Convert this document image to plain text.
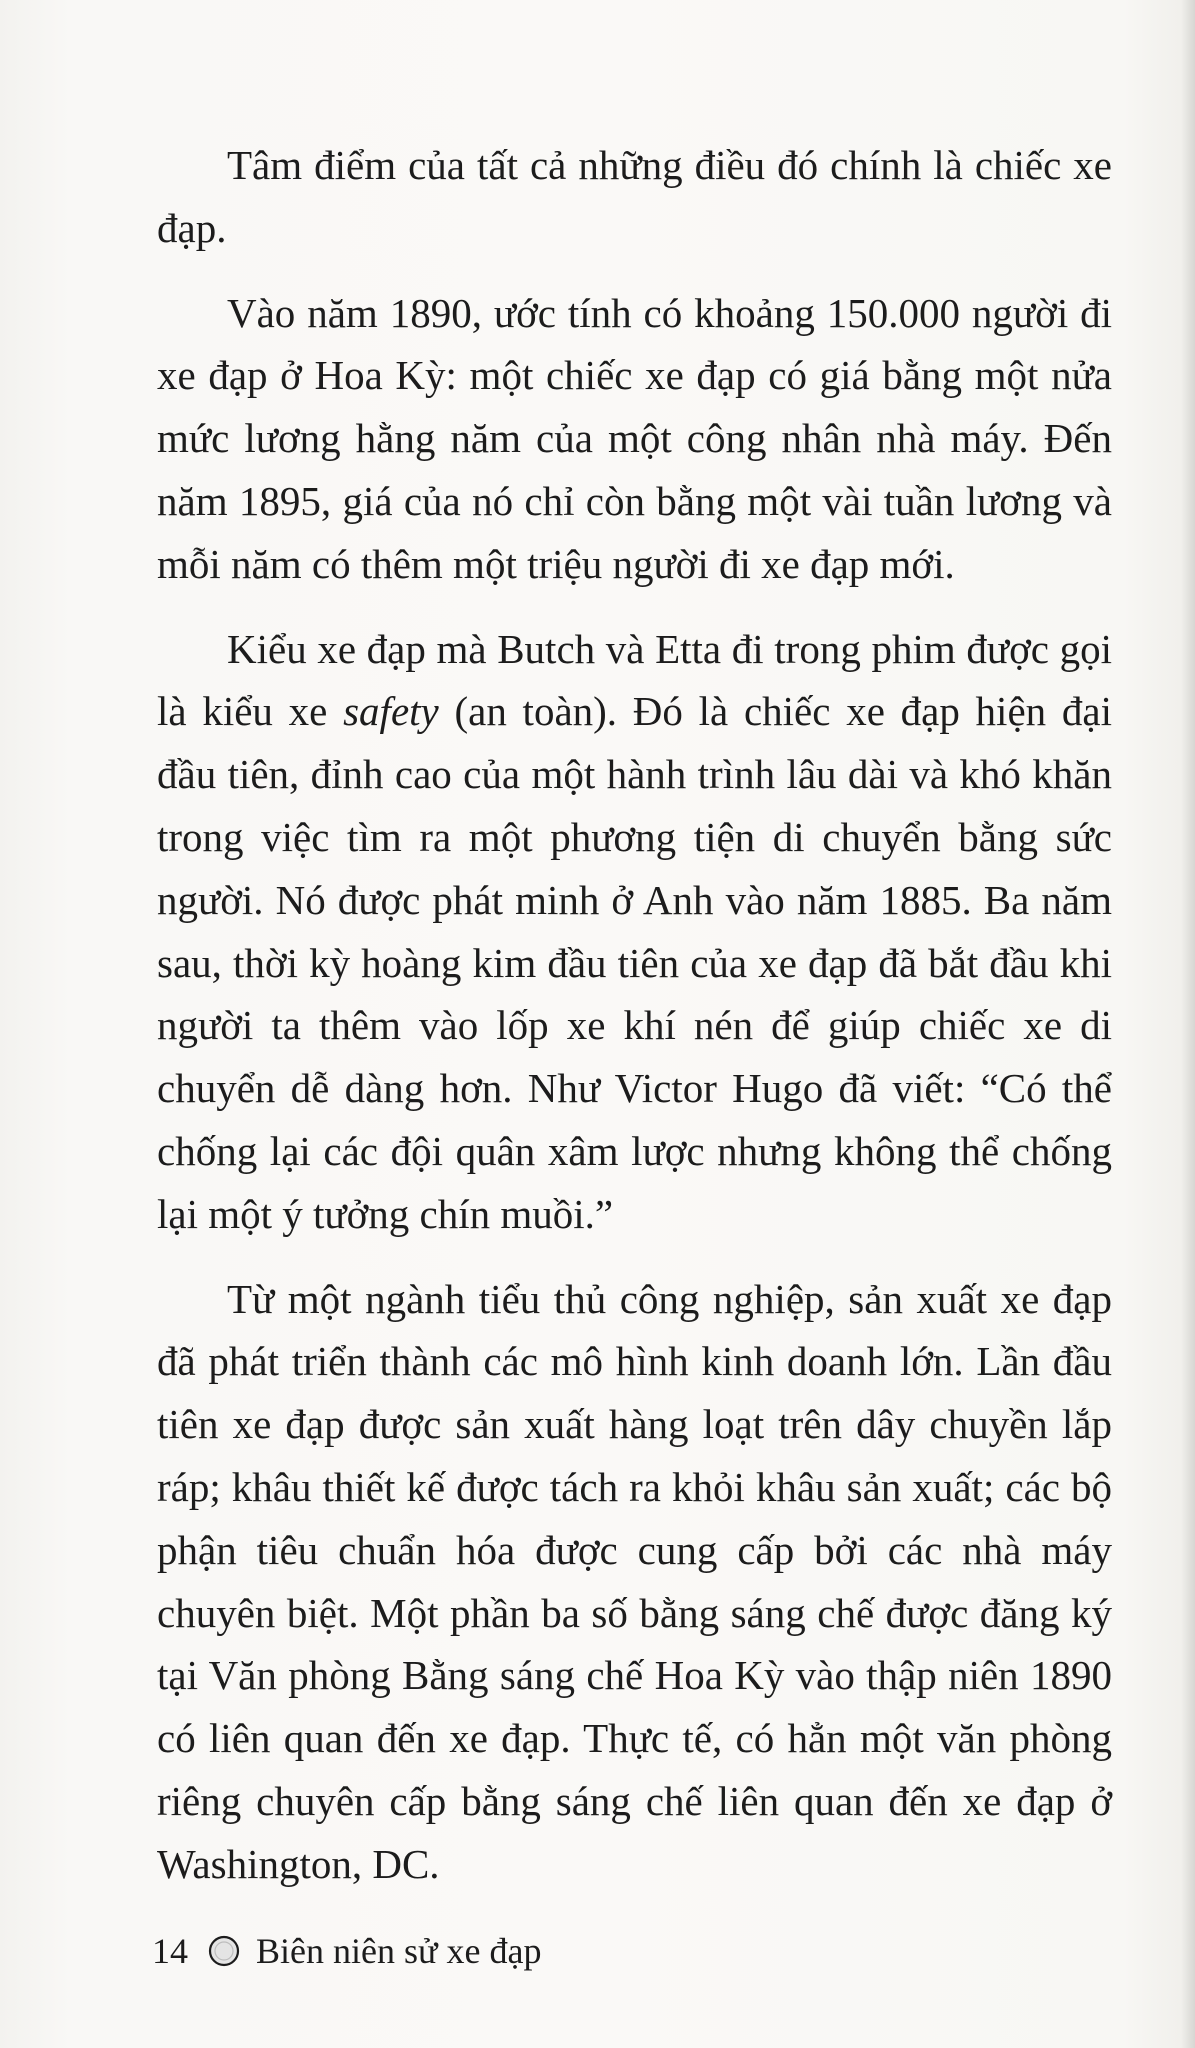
Tâm điểm của tất cả những điều đó chính là chiếc xe đạp.

Vào năm 1890, ước tính có khoảng 150.000 người đi xe đạp ở Hoa Kỳ: một chiếc xe đạp có giá bằng một nửa mức lương hằng năm của một công nhân nhà máy. Đến năm 1895, giá của nó chỉ còn bằng một vài tuần lương và mỗi năm có thêm một triệu người đi xe đạp mới.

Kiểu xe đạp mà Butch và Etta đi trong phim được gọi là kiểu xe safety (an toàn). Đó là chiếc xe đạp hiện đại đầu tiên, đỉnh cao của một hành trình lâu dài và khó khăn trong việc tìm ra một phương tiện di chuyển bằng sức người. Nó được phát minh ở Anh vào năm 1885. Ba năm sau, thời kỳ hoàng kim đầu tiên của xe đạp đã bắt đầu khi người ta thêm vào lốp xe khí nén để giúp chiếc xe di chuyển dễ dàng hơn. Như Victor Hugo đã viết: “Có thể chống lại các đội quân xâm lược nhưng không thể chống lại một ý tưởng chín muồi.”

Từ một ngành tiểu thủ công nghiệp, sản xuất xe đạp đã phát triển thành các mô hình kinh doanh lớn. Lần đầu tiên xe đạp được sản xuất hàng loạt trên dây chuyền lắp ráp; khâu thiết kế được tách ra khỏi khâu sản xuất; các bộ phận tiêu chuẩn hóa được cung cấp bởi các nhà máy chuyên biệt. Một phần ba số bằng sáng chế được đăng ký tại Văn phòng Bằng sáng chế Hoa Kỳ vào thập niên 1890 có liên quan đến xe đạp. Thực tế, có hẳn một văn phòng riêng chuyên cấp bằng sáng chế liên quan đến xe đạp ở Washington, DC.

14 Biên niên sử xe đạp
